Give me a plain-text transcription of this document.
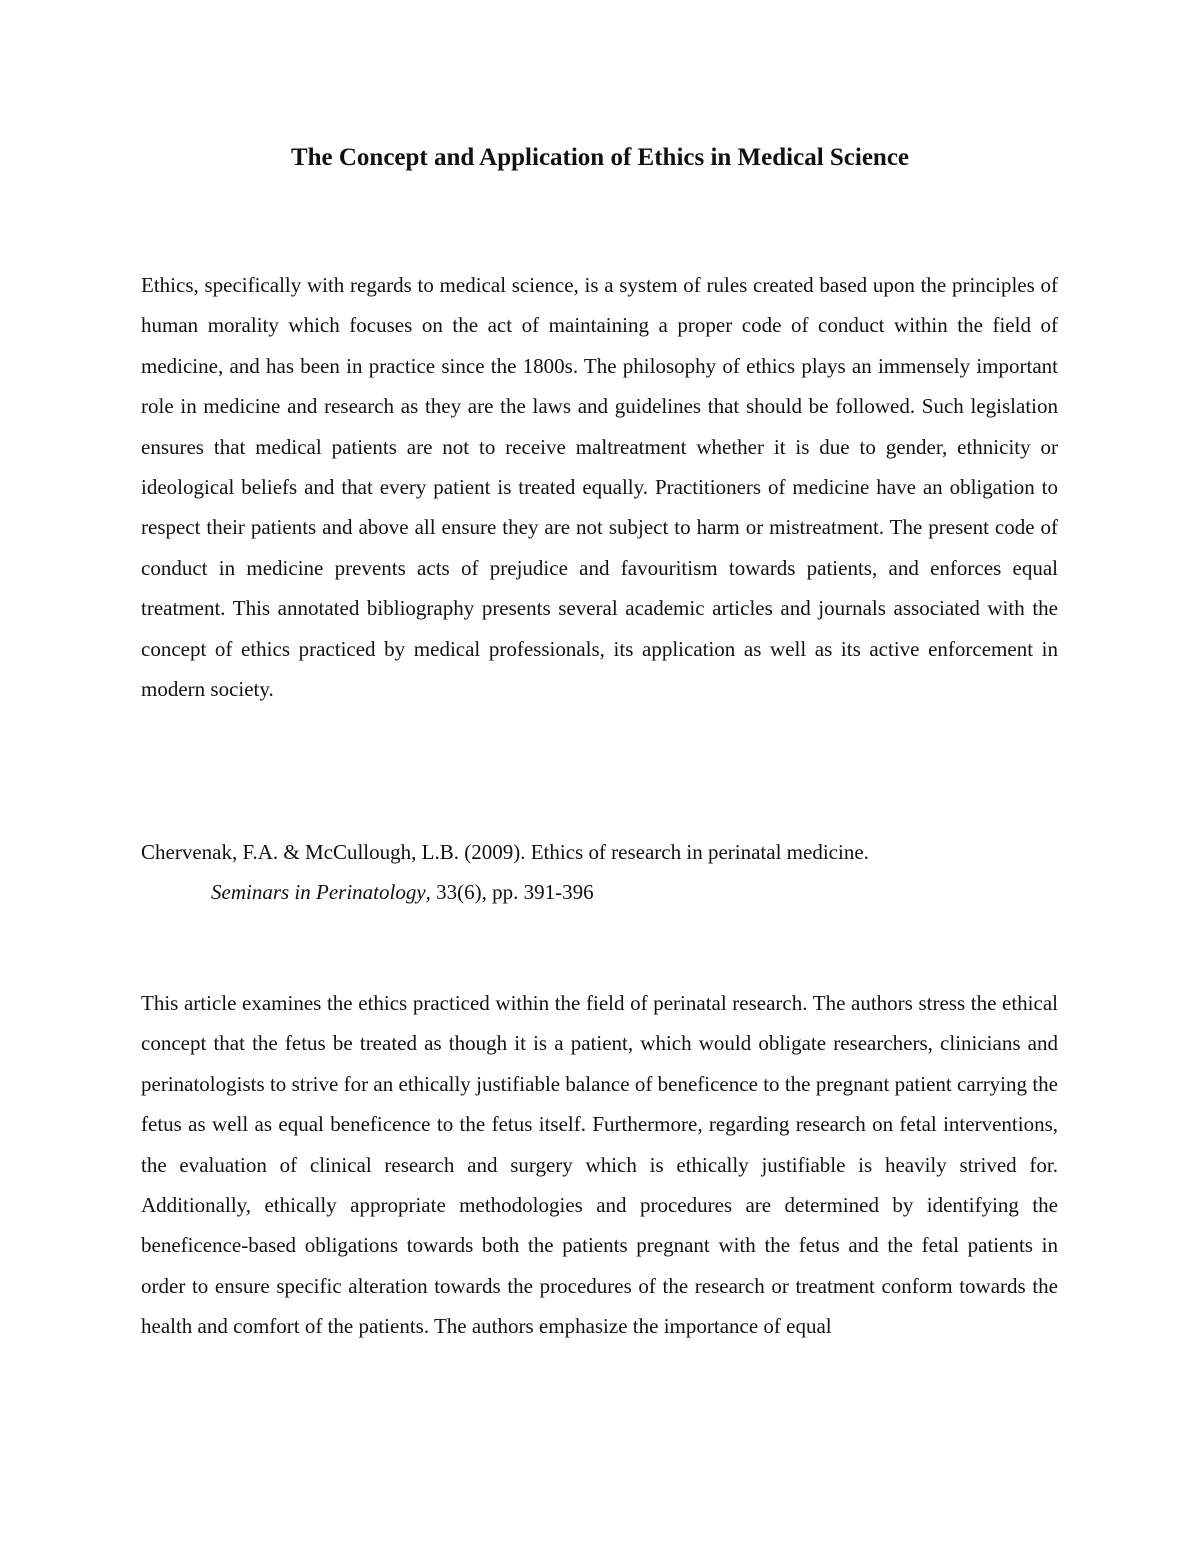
The Concept and Application of Ethics in Medical Science

Ethics, specifically with regards to medical science, is a system of rules created based upon the principles of human morality which focuses on the act of maintaining a proper code of conduct within the field of medicine, and has been in practice since the 1800s. The philosophy of ethics plays an immensely important role in medicine and research as they are the laws and guidelines that should be followed. Such legislation ensures that medical patients are not to receive maltreatment whether it is due to gender, ethnicity or ideological beliefs and that every patient is treated equally. Practitioners of medicine have an obligation to respect their patients and above all ensure they are not subject to harm or mistreatment. The present code of conduct in medicine prevents acts of prejudice and favouritism towards patients, and enforces equal treatment. This annotated bibliography presents several academic articles and journals associated with the concept of ethics practiced by medical professionals, its application as well as its active enforcement in modern society.

Chervenak, F.A. & McCullough, L.B. (2009). Ethics of research in perinatal medicine.
Seminars in Perinatology, 33(6), pp. 391-396

This article examines the ethics practiced within the field of perinatal research. The authors stress the ethical concept that the fetus be treated as though it is a patient, which would obligate researchers, clinicians and perinatologists to strive for an ethically justifiable balance of beneficence to the pregnant patient carrying the fetus as well as equal beneficence to the fetus itself. Furthermore, regarding research on fetal interventions, the evaluation of clinical research and surgery which is ethically justifiable is heavily strived for. Additionally, ethically appropriate methodologies and procedures are determined by identifying the beneficence-based obligations towards both the patients pregnant with the fetus and the fetal patients in order to ensure specific alteration towards the procedures of the research or treatment conform towards the health and comfort of the patients. The authors emphasize the importance of equal
